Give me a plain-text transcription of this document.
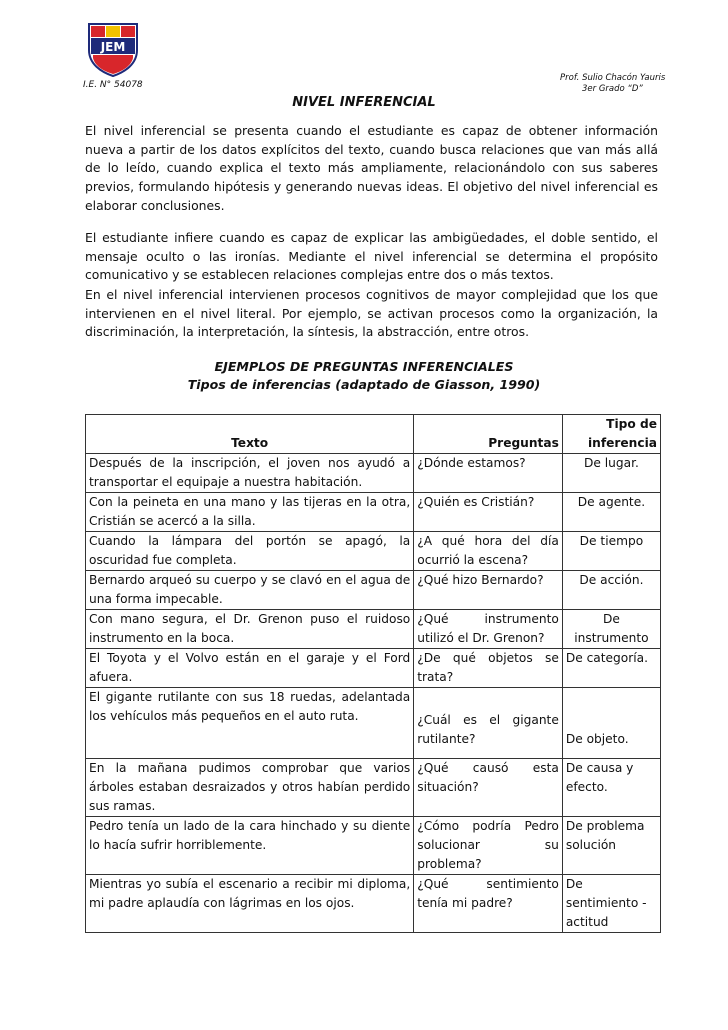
JEM
I.E. N° 54078
Prof. Sulio Chacón Yauris
3er Grado “D”
NIVEL INFERENCIAL

El nivel inferencial se presenta cuando el estudiante es capaz de obtener información nueva a partir de los datos explícitos del texto, cuando busca relaciones que van más allá de lo leído, cuando explica el texto más ampliamente, relacionándolo con sus saberes previos, formulando hipótesis y generando nuevas ideas. El objetivo del nivel inferencial es elaborar conclusiones.

El estudiante infiere cuando es capaz de explicar las ambigüedades, el doble sentido, el mensaje oculto o las ironías. Mediante el nivel inferencial se determina el propósito comunicativo y se establecen relaciones complejas entre dos o más textos.

En el nivel inferencial intervienen procesos cognitivos de mayor complejidad que los que intervienen en el nivel literal. Por ejemplo, se activan procesos como la organización, la discriminación, la interpretación, la síntesis, la abstracción, entre otros.

EJEMPLOS DE PREGUNTAS INFERENCIALES
Tipos de inferencias (adaptado de Giasson, 1990)
Texto	Preguntas	Tipo de inferencia
Después de la inscripción, el joven nos ayudó a transportar el equipaje a nuestra habitación.	¿Dónde estamos?	De lugar.
Con la peineta en una mano y las tijeras en la otra, Cristián se acercó a la silla.	¿Quién es Cristián?	De agente.
Cuando la lámpara del portón se apagó, la oscuridad fue completa.	¿A qué hora del día ocurrió la escena?	De tiempo
Bernardo arqueó su cuerpo y se clavó en el agua de una forma impecable.	¿Qué hizo Bernardo?	De acción.
Con mano segura, el Dr. Grenon puso el ruidoso instrumento en la boca.	¿Qué instrumento utilizó el Dr. Grenon?	De instrumento
El Toyota y el Volvo están en el garaje y el Ford afuera.	¿De qué objetos se trata?	De categoría.
El gigante rutilante con sus 18 ruedas, adelantada los vehículos más pequeños en el auto ruta.	¿Cuál es el gigante rutilante?	De objeto.
En la mañana pudimos comprobar que varios árboles estaban desraizados y otros habían perdido sus ramas.	¿Qué causó esta situación?	De causa y efecto.
Pedro tenía un lado de la cara hinchado y su diente lo hacía sufrir horriblemente.	¿Cómo podría Pedro solucionar su problema?	De problema solución
Mientras yo subía el escenario a recibir mi diploma, mi padre aplaudía con lágrimas en los ojos.	¿Qué sentimiento tenía mi padre?	De sentimiento - actitud
